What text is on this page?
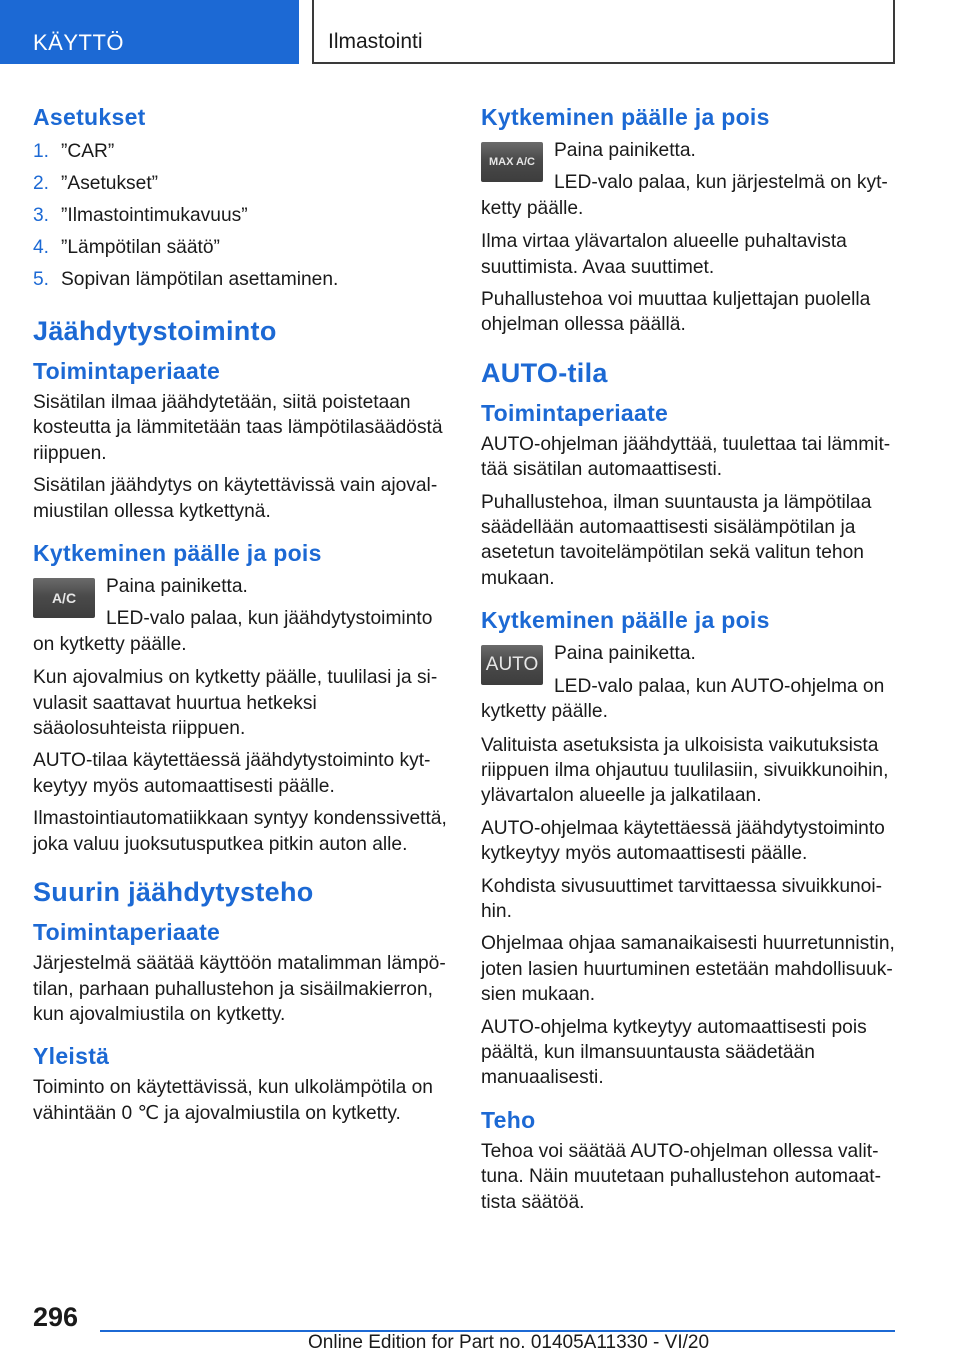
KÄYTTÖ	Ilmastointi
Asetukset
1. ”CAR”
2. ”Asetukset”
3. ”Ilmastointimukavuus”
4. ”Lämpötilan säätö”
5. Sopivan lämpötilan asettaminen.
Jäähdytystoiminto
Toimintaperiaate

Sisätilan ilmaa jäähdytetään, siitä poistetaan kosteutta ja lämmitetään taas lämpötilasäädöstä riippuen.

Sisätilan jäähdytys on käytettävissä vain ajovalmiustilan ollessa kytkettynä.

Kytkeminen päälle ja pois
A/C

Paina painiketta.

LED-valo palaa, kun jäähdytystoiminto on kytketty päälle.

Kun ajovalmius on kytketty päälle, tuulilasi ja sivulasit saattavat huurtua hetkeksi sääolosuhteista riippuen.

AUTO-tilaa käytettäessä jäähdytystoiminto kytkeytyy myös automaattisesti päälle.

Ilmastointiautomatiikkaan syntyy kondenssivettä, joka valuu juoksutusputkea pitkin auton alle.

Suurin jäähdytysteho
Toimintaperiaate

Järjestelmä säätää käyttöön matalimman lämpötilan, parhaan puhallustehon ja sisäilmakierron, kun ajovalmiustila on kytketty.

Yleistä

Toiminto on käytettävissä, kun ulkolämpötila on vähintään 0 ℃ ja ajovalmiustila on kytketty.

Kytkeminen päälle ja pois
MAX A/C

Paina painiketta.

LED-valo palaa, kun järjestelmä on kytketty päälle.

Ilma virtaa ylävartalon alueelle puhaltavista suuttimista. Avaa suuttimet.

Puhallustehoa voi muuttaa kuljettajan puolella ohjelman ollessa päällä.

AUTO-tila
Toimintaperiaate

AUTO-ohjelman jäähdyttää, tuulettaa tai lämmittää sisätilan automaattisesti.

Puhallustehoa, ilman suuntausta ja lämpötilaa säädellään automaattisesti sisälämpötilan ja asetetun tavoitelämpötilan sekä valitun tehon mukaan.

Kytkeminen päälle ja pois
AUTO

Paina painiketta.

LED-valo palaa, kun AUTO-ohjelma on kytketty päälle.

Valituista asetuksista ja ulkoisista vaikutuksista riippuen ilma ohjautuu tuulilasiin, sivuikkunoihin, ylävartalon alueelle ja jalkatilaan.

AUTO-ohjelmaa käytettäessä jäähdytystoiminto kytkeytyy myös automaattisesti päälle.

Kohdista sivusuuttimet tarvittaessa sivuikkunoihin.

Ohjelmaa ohjaa samanaikaisesti huurretunnistin, joten lasien huurtuminen estetään mahdollisuuksien mukaan.

AUTO-ohjelma kytkeytyy automaattisesti pois päältä, kun ilmansuuntausta säädetään manuaalisesti.

Teho

Tehoa voi säätää AUTO-ohjelman ollessa valittuna. Näin muutetaan puhallustehon automaattista säätöä.

296
Online Edition for Part no. 01405A11330 - VI/20
